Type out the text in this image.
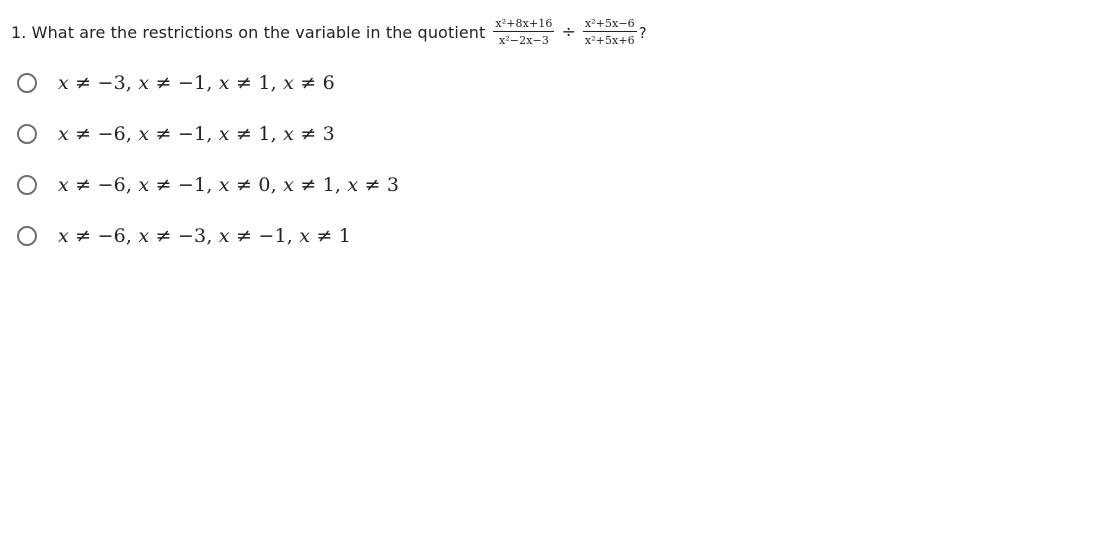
1. What are the restrictions on the variable in the quotient $\frac{\text{x²+8x+16}}{\text{x²−2x−3}} \div \frac{\text{x²+5x−6}}{\text{x²+5x+6}}$ ?
𝑥 ≠ −3, 𝑥 ≠ −1, 𝑥 ≠ 1, 𝑥 ≠ 6
𝑥 ≠ −6, 𝑥 ≠ −1, 𝑥 ≠ 1, 𝑥 ≠ 3
𝑥 ≠ −6, 𝑥 ≠ −1, 𝑥 ≠ 0, 𝑥 ≠ 1, 𝑥 ≠ 3
𝑥 ≠ −6, 𝑥 ≠ −3, 𝑥 ≠ −1, 𝑥 ≠ 1
